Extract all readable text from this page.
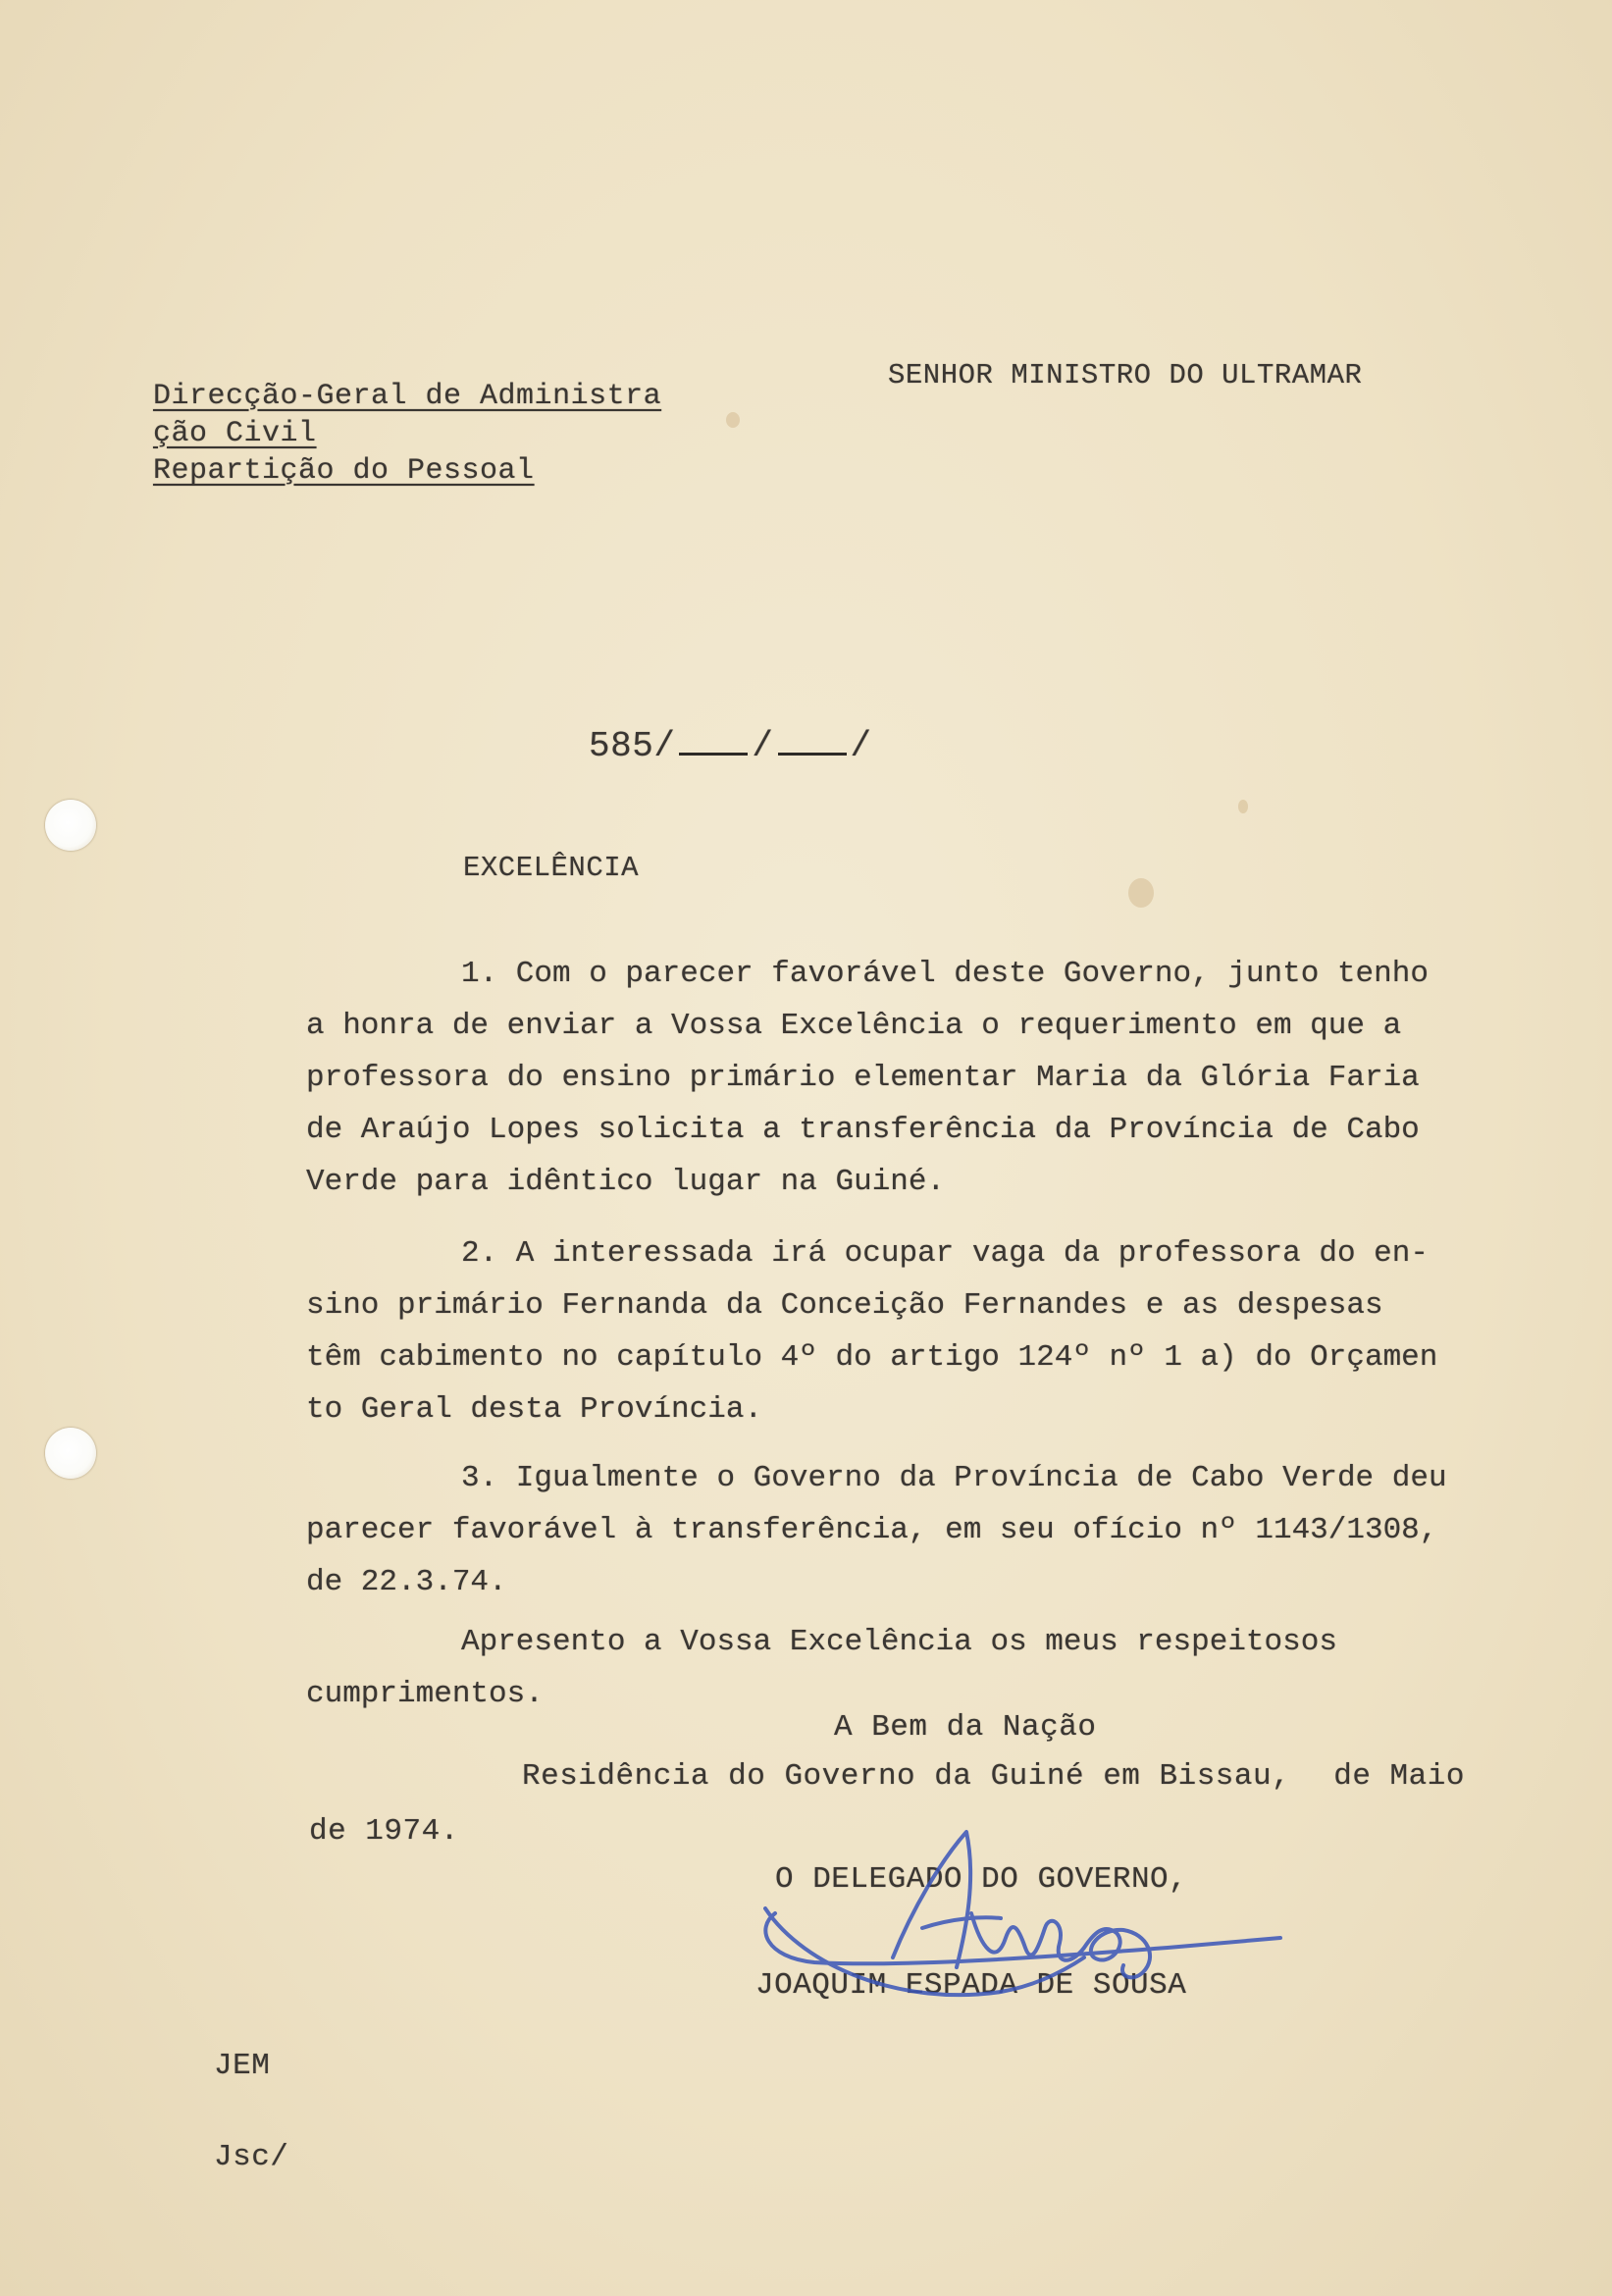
Direcção-Geral de Administra
ção Civil
Repartição do Pessoal
SENHOR MINISTRO DO ULTRAMAR
585/ / /
EXCELÊNCIA
1. Com o parecer favorável deste Governo, junto tenho
a honra de enviar a Vossa Excelência o requerimento em que a
professora do ensino primário elementar Maria da Glória Faria
de Araújo Lopes solicita a transferência da Província de Cabo
Verde para idêntico lugar na Guiné.
2. A interessada irá ocupar vaga da professora do en-
sino primário Fernanda da Conceição Fernandes e as despesas
têm cabimento no capítulo 4º do artigo 124º nº 1 a) do Orçamen
to Geral desta Província.
3. Igualmente o Governo da Província de Cabo Verde deu
parecer favorável à transferência, em seu ofício nº 1143/1308,
de 22.3.74.
Apresento a Vossa Excelência os meus respeitosos
cumprimentos.
A Bem da Nação
Residência do Governo da Guiné em Bissau, de Maio
de 1974.
O DELEGADO DO GOVERNO,
JOAQUIM ESPADA DE SOUSA
JEM
Jsc/
